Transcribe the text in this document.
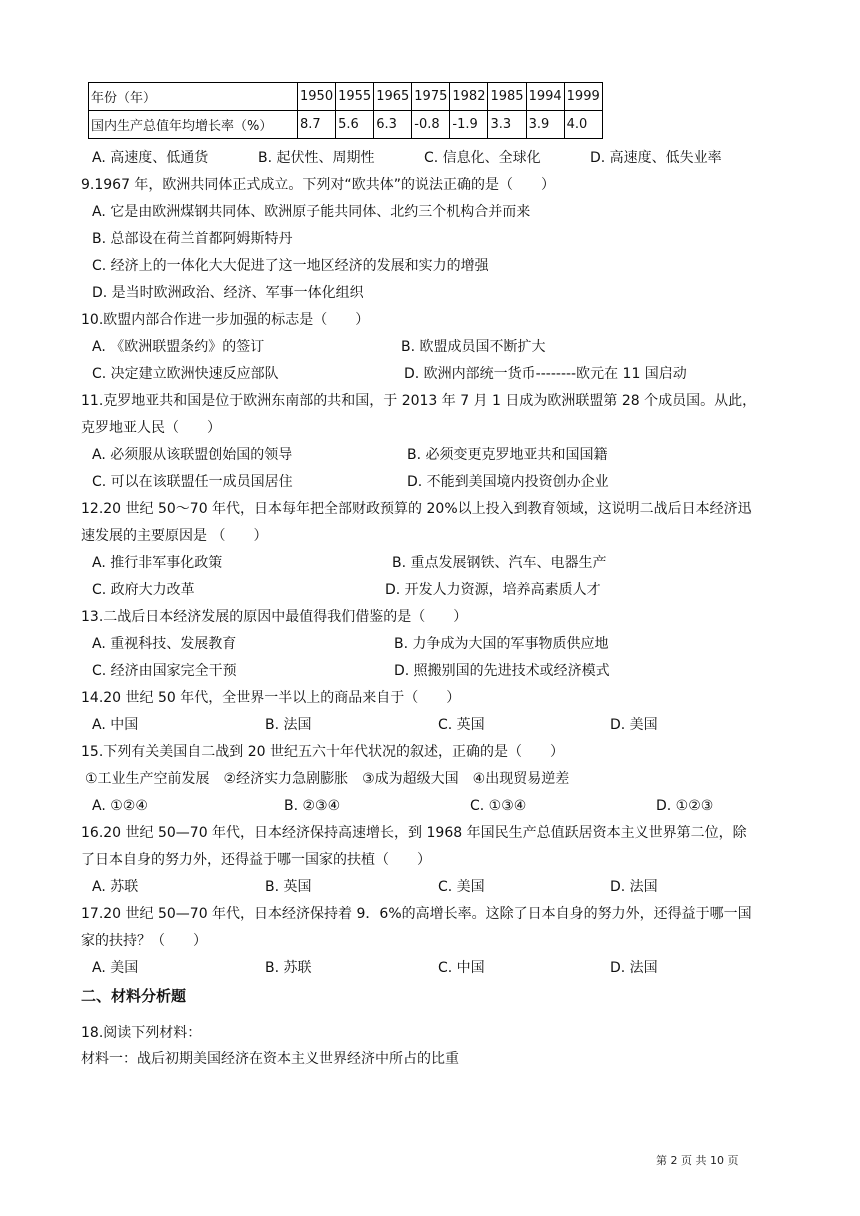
年份（年）	1950	1955	1965	1975	1982	1985	1994	1999
国内生产总值年均增长率（%）	8.7	5.6	6.3	-0.8	-1.9	3.3	3.9	4.0
A. 高速度、低通货	B. 起伏性、周期性	C. 信息化、全球化	D. 高速度、低失业率
9.1967 年，欧洲共同体正式成立。下列对“欧共体”的说法正确的是（　　）
A. 它是由欧洲煤钢共同体、欧洲原子能共同体、北约三个机构合并而来
B. 总部设在荷兰首都阿姆斯特丹
C. 经济上的一体化大大促进了这一地区经济的发展和实力的增强
D. 是当时欧洲政治、经济、军事一体化组织
10.欧盟内部合作进一步加强的标志是（　　）
A. 《欧洲联盟条约》的签订	B. 欧盟成员国不断扩大
C. 决定建立欧洲快速反应部队	D. 欧洲内部统一货币--------欧元在 11 国启动
11.克罗地亚共和国是位于欧洲东南部的共和国，于 2013 年 7 月 1 日成为欧洲联盟第 28 个成员国。从此，
克罗地亚人民（　　）
A. 必须服从该联盟创始国的领导	B. 必须变更克罗地亚共和国国籍
C. 可以在该联盟任一成员国居住	D. 不能到美国境内投资创办企业
12.20 世纪 50～70 年代，日本每年把全部财政预算的 20%以上投入到教育领域，这说明二战后日本经济迅
速发展的主要原因是 （　　）
A. 推行非军事化政策	B. 重点发展钢铁、汽车、电器生产
C. 政府大力改革	D. 开发人力资源，培养高素质人才
13.二战后日本经济发展的原因中最值得我们借鉴的是（　　）
A. 重视科技、发展教育	B. 力争成为大国的军事物质供应地
C. 经济由国家完全干预	D. 照搬别国的先进技术或经济模式
14.20 世纪 50 年代，全世界一半以上的商品来自于（　　）
A. 中国	B. 法国	C. 英国	D. 美国
15.下列有关美国自二战到 20 世纪五六十年代状况的叙述，正确的是（　　）
①工业生产空前发展　②经济实力急剧膨胀　③成为超级大国　④出现贸易逆差
A. ①②④	B. ②③④	C. ①③④	D. ①②③
16.20 世纪 50—70 年代，日本经济保持高速增长，到 1968 年国民生产总值跃居资本主义世界第二位，除
了日本自身的努力外，还得益于哪一国家的扶植（　　）
A. 苏联	B. 英国	C. 美国	D. 法国
17.20 世纪 50—70 年代，日本经济保持着 9．6%的高增长率。这除了日本自身的努力外，还得益于哪一国
家的扶持？（　　）
A. 美国	B. 苏联	C. 中国	D. 法国
二、材料分析题
18.阅读下列材料：
材料一：战后初期美国经济在资本主义世界经济中所占的比重
第 2 页 共 10 页
